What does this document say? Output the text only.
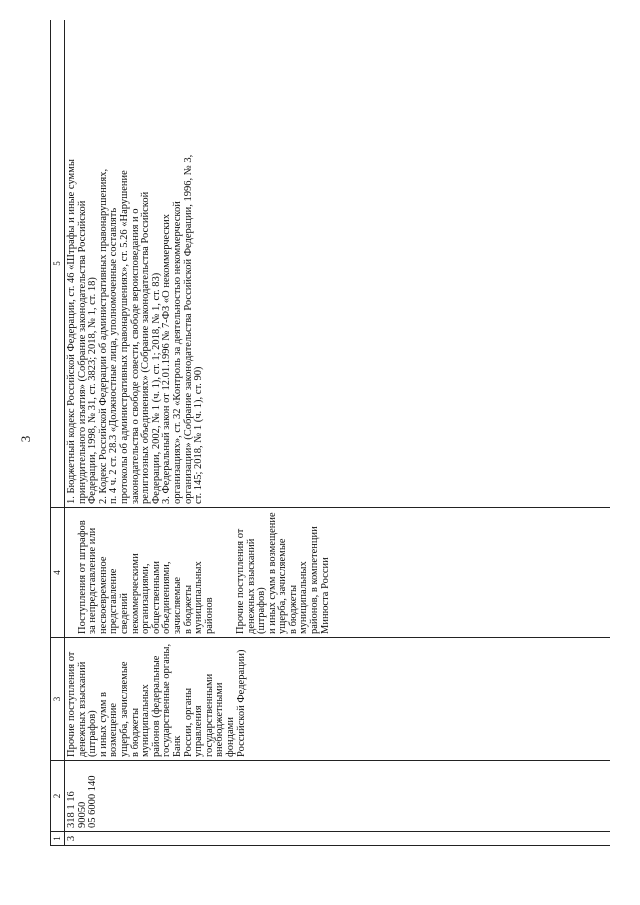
3
1
2
3
4
5
3
318 1 16 90050
05 6000 140
Прочие поступления от
денежных взысканий (штрафов)
и иных сумм в возмещение
ущерба, зачисляемые
в бюджеты муниципальных
районов (федеральные
государственные органы, Банк
России, органы управления
государственными
внебюджетными фондами
Российской Федерации)

Поступления от штрафов
за непредставление или
несвоевременное представление
сведений некоммерческими
организациями, общественными
объединениями, зачисляемые
в бюджеты муниципальных
районов Прочие поступления от
денежных взысканий (штрафов)
и иных сумм в возмещение
ущерба, зачисляемые
в бюджеты муниципальных
районов, в компетенции
Минюста России

1. Бюджетный кодекс Российской Федерации, ст. 46 «Штрафы и иные суммы
принудительного изъятия» (Собрание законодательства Российской
Федерации, 1998, № 31, ст. 3823; 2018, № 1, ст. 18)
2. Кодекс Российской Федерации об административных правонарушениях,
п. 4 ч. 2 ст. 28.3 «Должностные лица, уполномоченные составлять
протоколы об административных правонарушениях», ст. 5.26 «Нарушение
законодательства о свободе совести, свободе вероисповедания и о
религиозных объединениях» (Собрание законодательства Российской
Федерации, 2002, № 1 (ч. 1), ст. 1; 2018, № 1, ст. 83)
3. Федеральный закон от 12.01.1996 № 7-ФЗ «О некоммерческих
организациях», ст. 32 «Контроль за деятельностью некоммерческой
организации» (Собрание законодательства Российской Федерации, 1996, № 3,
ст. 145; 2018, № 1 (ч. 1), ст. 90)
